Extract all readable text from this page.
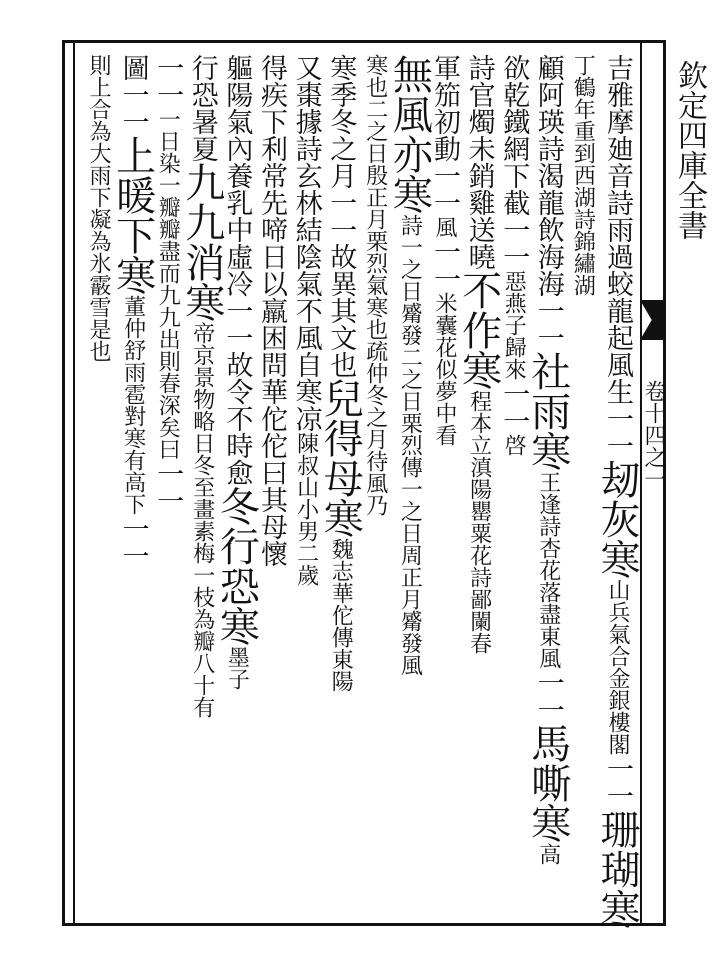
欽定四庫全書
卷十四之一
吉雅摩廸音詩雨過蛟龍起風生一一刼灰寒山兵氣合金銀樓閣一一珊瑚寒
丁鶴年重到西湖詩錦繡湖
顧阿瑛詩渴龍飲海海一一社雨寒王逢詩杏花落盡東風一一馬嘶寒高
欲乾鐵網下截一一惡燕子歸來一一啓
詩官燭未銷雞送曉不作寒程本立滇陽罌粟花詩鄙闌春
軍笳初動一一風一一米囊花似夢中看
無風亦寒詩一之日觱發二之日栗烈傳一之日周正月觱發風
寒也二之日殷正月栗烈氣寒也疏仲冬之月待風乃
寒季冬之月一一故異其文也兒得母寒魏志華佗傳東陽
又棗據詩玄林結陰氣不風自寒凉陳叔山小男二歲
得疾下利常先啼日以羸困問華佗佗曰其母懷
軀陽氣內養乳中虛冷一一故令不時愈冬行恐寒墨子
行恐暑夏九九消寒帝京景物略日冬至畫素梅一枝為瓣八十有
一一一日染一瓣瓣盡而九九出則春深矣曰一一
圖一一上暖下寒董仲舒雨雹對寒有高下一一
則上合為大雨下凝為氷霰雪是也
